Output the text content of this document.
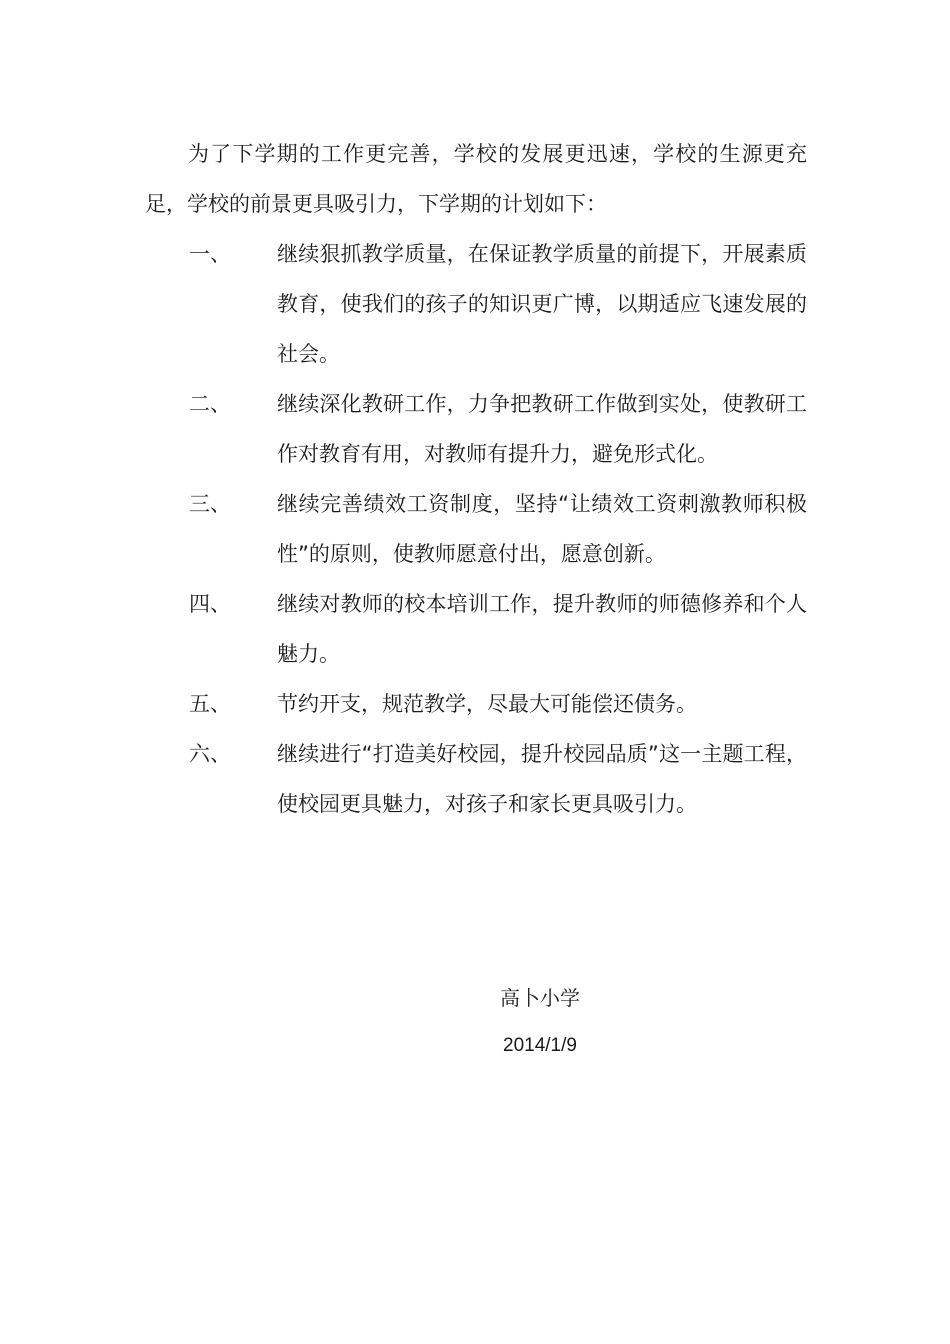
为了下学期的工作更完善，学校的发展更迅速，学校的生源更充足，学校的前景更具吸引力，下学期的计划如下：

一、	继续狠抓教学质量，在保证教学质量的前提下，开展素质教育，使我们的孩子的知识更广博，以期适应飞速发展的社会。
二、	继续深化教研工作，力争把教研工作做到实处，使教研工作对教育有用，对教师有提升力，避免形式化。
三、	继续完善绩效工资制度，坚持“让绩效工资刺激教师积极性”的原则，使教师愿意付出，愿意创新。
四、	继续对教师的校本培训工作，提升教师的师德修养和个人魅力。
五、	节约开支，规范教学，尽最大可能偿还债务。
六、	继续进行“打造美好校园，提升校园品质”这一主题工程，使校园更具魅力，对孩子和家长更具吸引力。
高卜小学
2014/1/9
